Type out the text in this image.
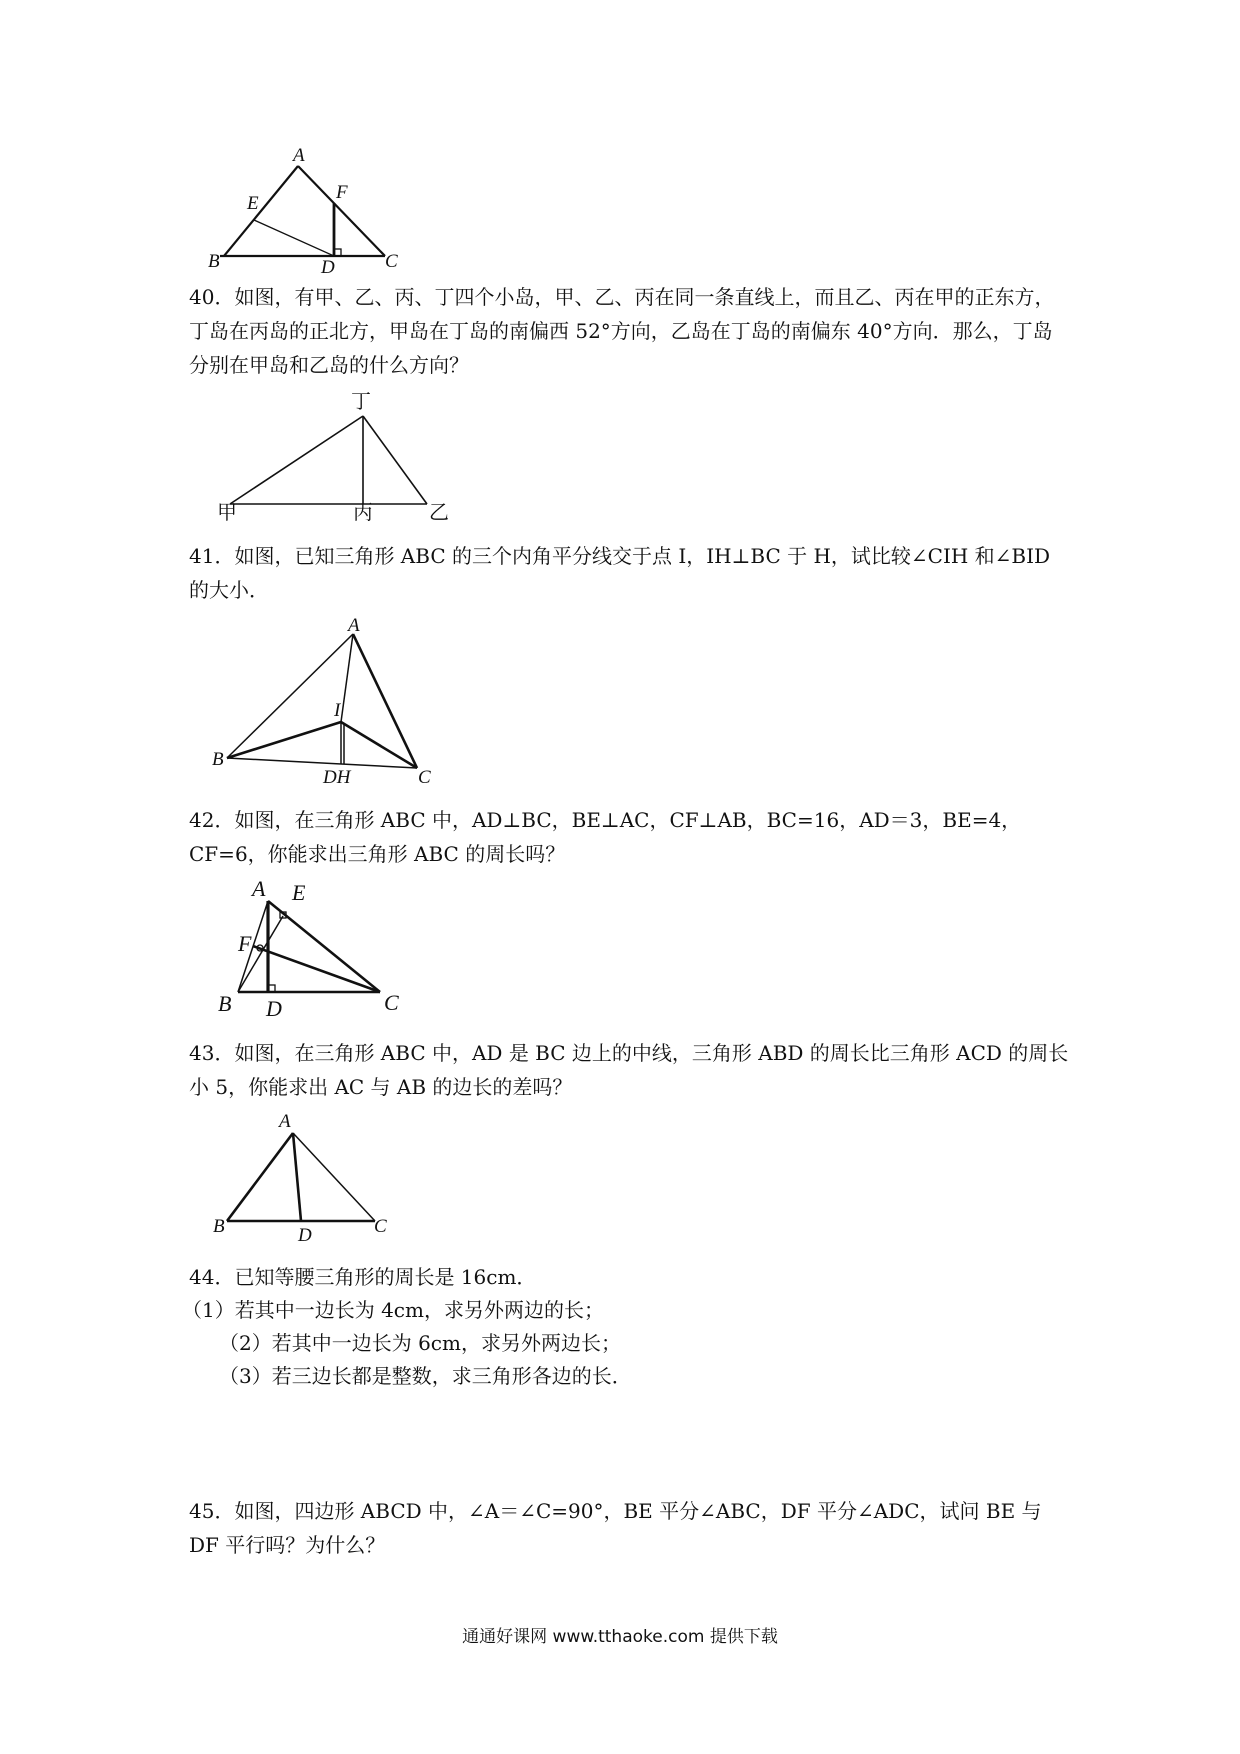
A
B	C
D
E
F

40．如图，有甲、乙、丙、丁四个小岛，甲、乙、丙在同一条直线上，而且乙、丙在甲的正东方，丁岛在丙岛的正北方，甲岛在丁岛的南偏西 52°方向，乙岛在丁岛的南偏东 40°方向．那么，丁岛分别在甲岛和乙岛的什么方向？

丁
甲	丙	乙

41．如图，已知三角形 ABC 的三个内角平分线交于点 I，IH⊥BC 于 H，试比较∠CIH 和∠BID 的大小．

A
B
C
I
DH

42．如图，在三角形 ABC 中，AD⊥BC，BE⊥AC，CF⊥AB，BC=16，AD＝3，BE=4，CF=6，你能求出三角形 ABC 的周长吗？

A E
F
B D	C

43．如图，在三角形 ABC 中，AD 是 BC 边上的中线，三角形 ABD 的周长比三角形 ACD 的周长小 5，你能求出 AC 与 AB 的边长的差吗？

A
B	C
D

44．已知等腰三角形的周长是 16cm．

（1）若其中一边长为 4cm，求另外两边的长；

（2）若其中一边长为 6cm，求另外两边长；

（3）若三边长都是整数，求三角形各边的长．

45．如图，四边形 ABCD 中，∠A＝∠C=90°，BE 平分∠ABC，DF 平分∠ADC，试问 BE 与 DF 平行吗？为什么？

通通好课网 www.tthaoke.com 提供下载
